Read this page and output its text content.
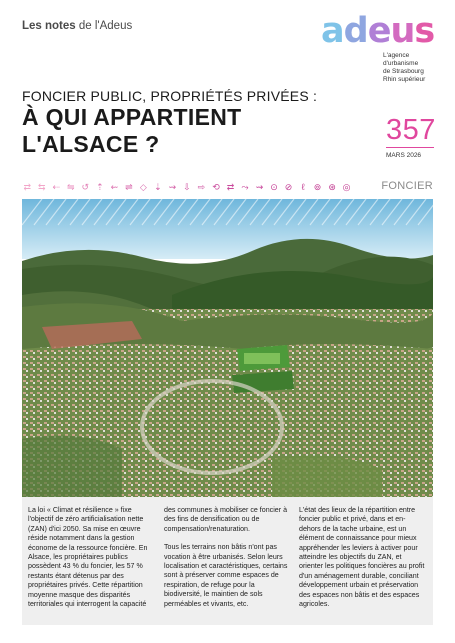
Les notes de l'Adeus	adeus
L'agence
d'urbanisme
de Strasbourg
Rhin supérieur
FONCIER PUBLIC, PROPRIÉTÉS PRIVÉES :
À QUI APPARTIENT
L'ALSACE ?	357
MARS 2026
⇄ ⇆ ⇠ ⇋ ↺ ⇡ ⇜ ⇌ ◇ ⇣ ⇝ ⇩ ⇨ ⟲ ⇄ ⤳ ⇝ ⊙ ⊘	ℓ	⊚ ⊛ ◎	FONCIER

La loi « Climat et résilience » fixe l'objectif de zéro artificialisation nette (ZAN) d'ici 2050. Sa mise en œuvre réside notamment dans la gestion économe de la ressource foncière. En Alsace, les propriétaires publics possèdent 43 % du foncier, les 57 % restants étant détenus par des propriétaires privés. Cette répartition moyenne masque des disparités territoriales qui interrogent la capacité

des communes à mobiliser ce foncier à des fins de densification ou de compensation/renaturation.

Tous les terrains non bâtis n'ont pas vocation à être urbanisés. Selon leurs localisation et caractéristiques, certains sont à préserver comme espaces de respiration, de refuge pour la biodiversité, le maintien de sols perméables et vivants, etc.

L'état des lieux de la répartition entre foncier public et privé, dans et en-dehors de la tache urbaine, est un élément de connaissance pour mieux appréhender les leviers à activer pour atteindre les objectifs du ZAN, et orienter les politiques foncières au profit d'un aménagement durable, conciliant développement urbain et préservation des espaces non bâtis et des espaces agricoles.
